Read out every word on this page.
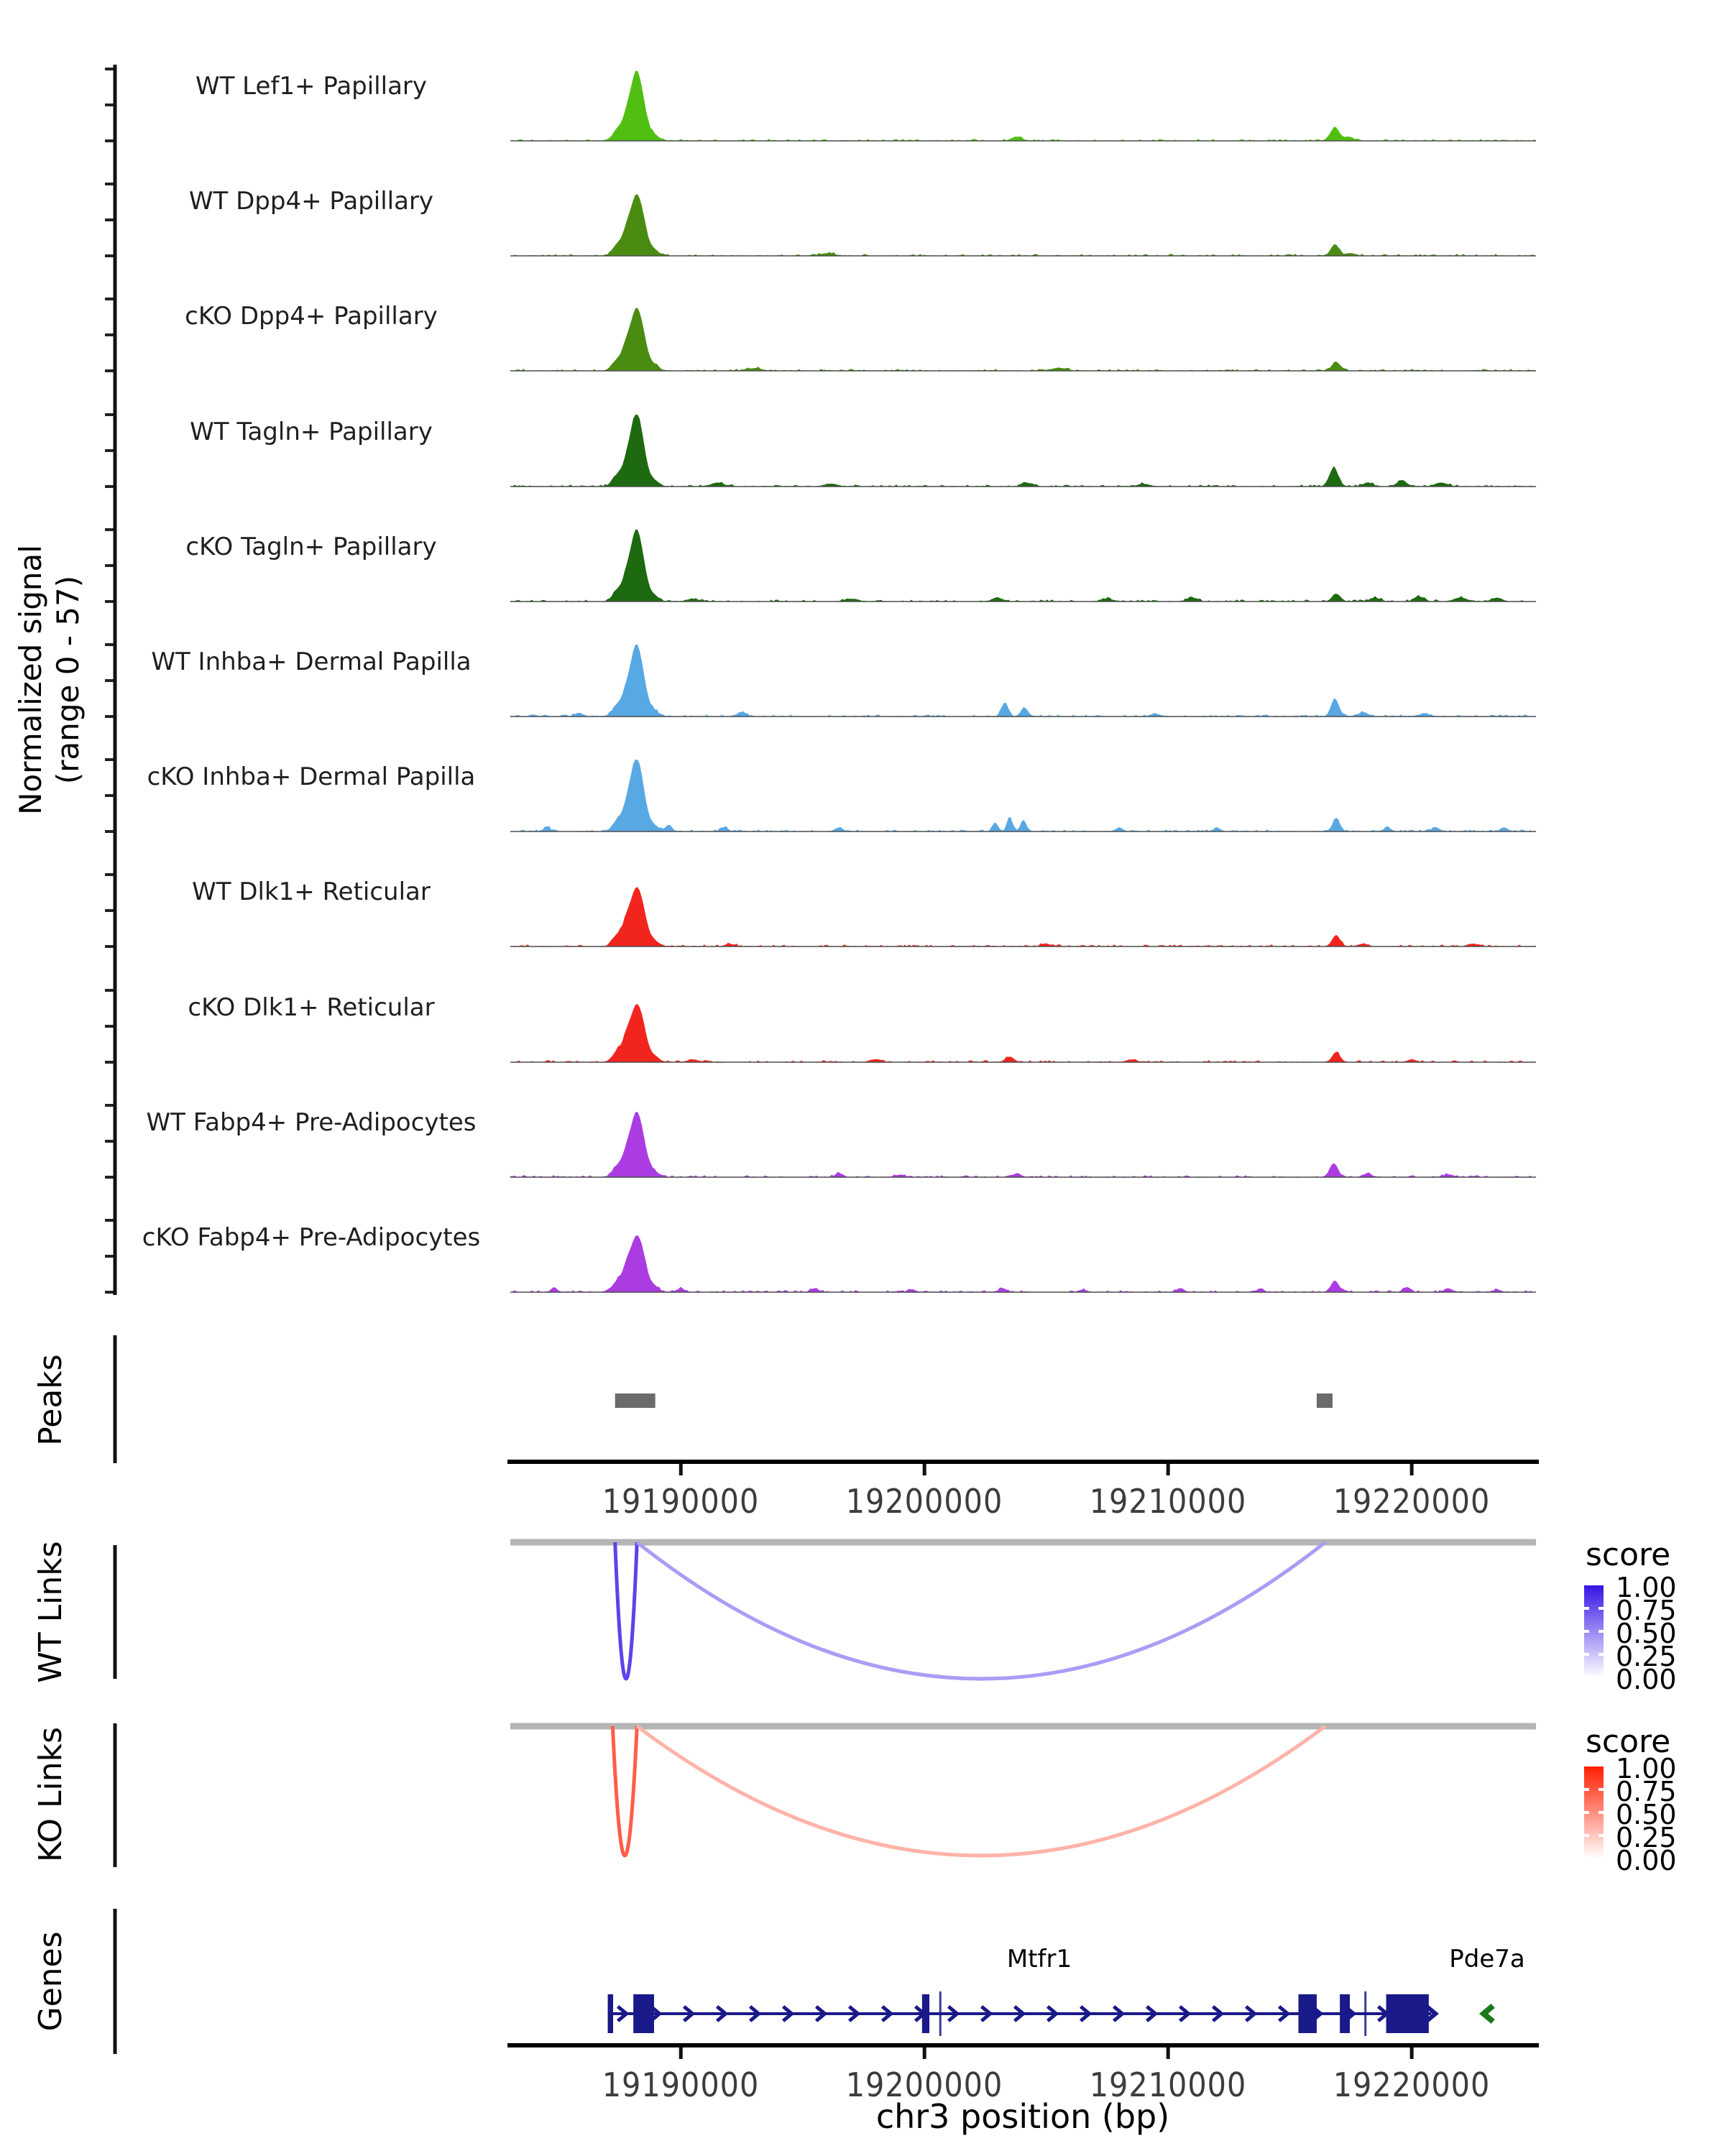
Normalized signal (range 0 - 57)
Peaks
WT Links
KO Links
Genes
WT Lef1+ Papillary
WT Dpp4+ Papillary
cKO Dpp4+ Papillary
WT Tagln+ Papillary
cKO Tagln+ Papillary
WT Inhba+ Dermal Papilla
cKO Inhba+ Dermal Papilla
WT Dlk1+ Reticular
cKO Dlk1+ Reticular
WT Fabp4+ Pre-Adipocytes
cKO Fabp4+ Pre-Adipocytes
19190000	19200000	19210000	19220000
19190000	19200000	19210000	19220000
score
1.00
0.75
0.50
0.25
0.00
score
1.00
0.75
0.50
0.25
0.00
Mtfr1	Pde7a
chr3 position (bp)
